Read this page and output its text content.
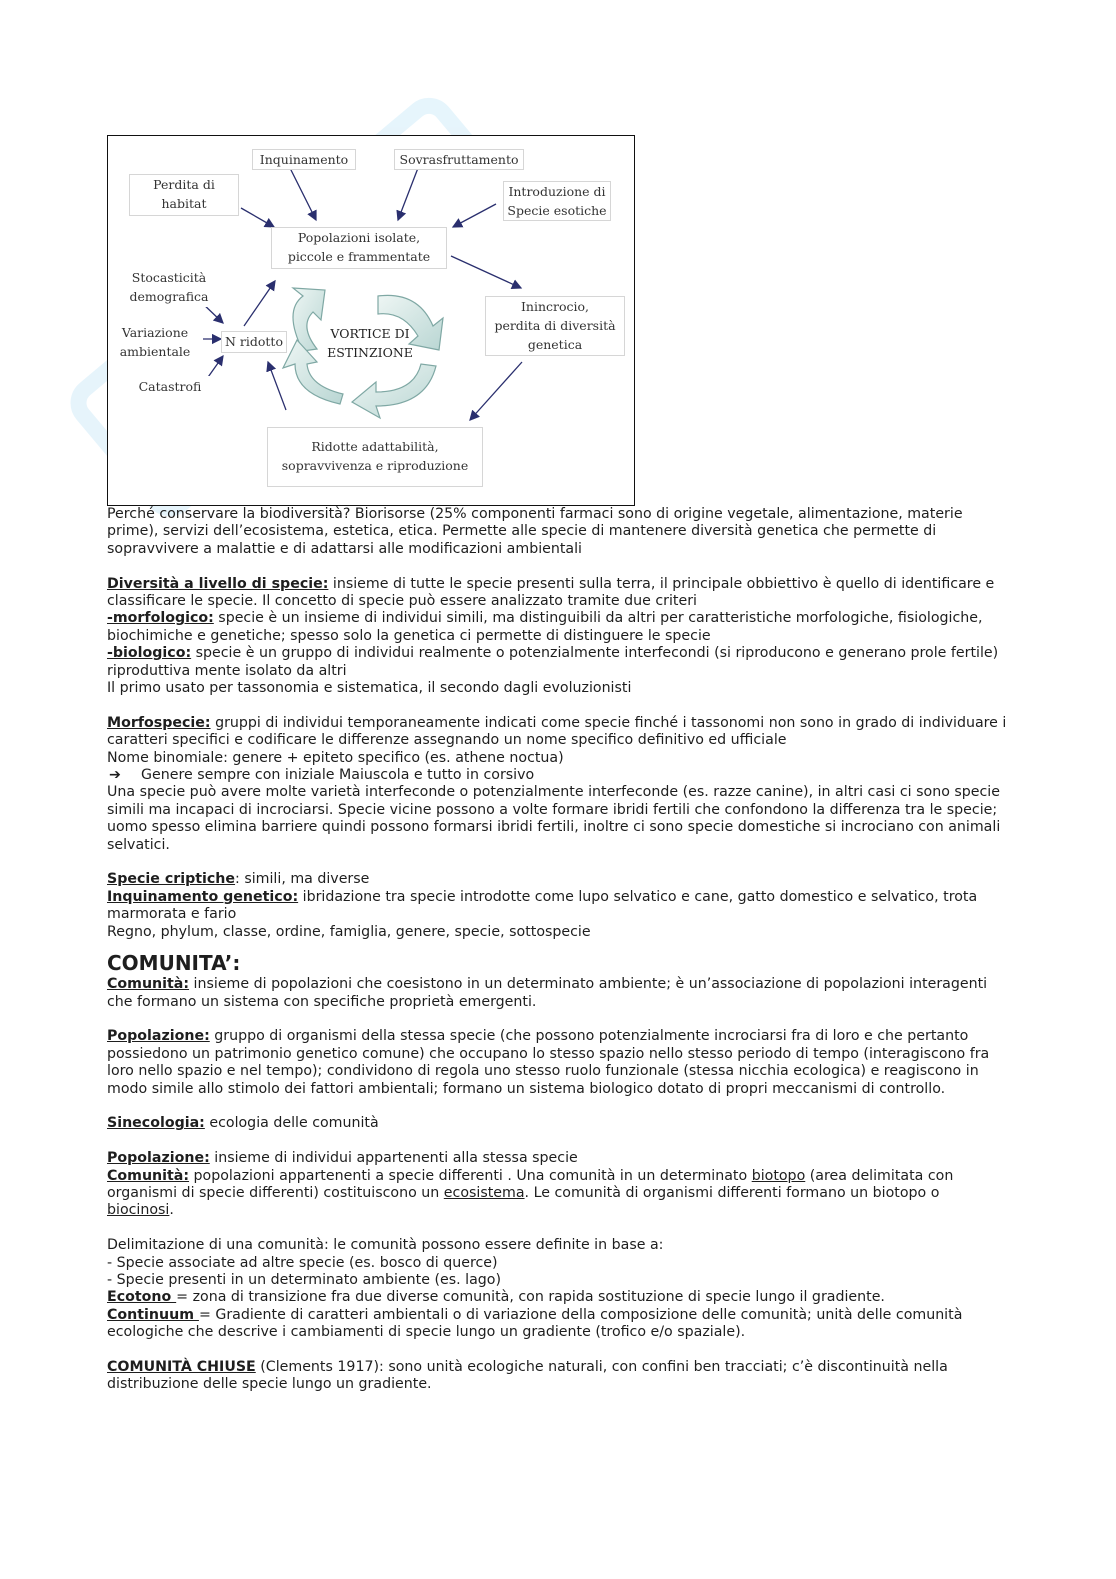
Inquinamento	Sovrasfruttamento
Perdita di
habitat
Introduzione di
Specie esotiche
Popolazioni isolate,
piccole e frammentate
Stocasticità
demografica
Variazione
ambientale
Catastrofi
N ridotto
Inincrocio,
perdita di diversità
genetica
Ridotte adattabilità,
sopravvivenza e riproduzione
VORTICE DI
ESTINZIONE

Perché conservare la biodiversità? Biorisorse (25% componenti farmaci sono di origine vegetale, alimentazione, materie prime), servizi dell’ecosistema, estetica, etica. Permette alle specie di mantenere diversità genetica che permette di sopravvivere a malattie e di adattarsi alle modificazioni ambientali

Diversità a livello di specie: insieme di tutte le specie presenti sulla terra, il principale obbiettivo è quello di identificare e classificare le specie. Il concetto di specie può essere analizzato tramite due criteri

-morfologico: specie è un insieme di individui simili, ma distinguibili da altri per caratteristiche morfologiche, fisiologiche, biochimiche e genetiche; spesso solo la genetica ci permette di distinguere le specie

-biologico: specie è un gruppo di individui realmente o potenzialmente interfecondi (si riproducono e generano prole fertile) riproduttiva mente isolato da altri

Il primo usato per tassonomia e sistematica, il secondo dagli evoluzionisti

Morfospecie: gruppi di individui temporaneamente indicati come specie finché i tassonomi non sono in grado di individuare i caratteri specifici e codificare le differenze assegnando un nome specifico definitivo ed ufficiale

Nome binomiale: genere + epiteto specifico (es. athene noctua)

➔ Genere sempre con iniziale Maiuscola e tutto in corsivo

Una specie può avere molte varietà interfeconde o potenzialmente interfeconde (es. razze canine), in altri casi ci sono specie simili ma incapaci di incrociarsi. Specie vicine possono a volte formare ibridi fertili che confondono la differenza tra le specie; uomo spesso elimina barriere quindi possono formarsi ibridi fertili, inoltre ci sono specie domestiche si incrociano con animali selvatici.

Specie criptiche: simili, ma diverse

Inquinamento genetico: ibridazione tra specie introdotte come lupo selvatico e cane, gatto domestico e selvatico, trota marmorata e fario

Regno, phylum, classe, ordine, famiglia, genere, specie, sottospecie

COMUNITA’:

Comunità: insieme di popolazioni che coesistono in un determinato ambiente; è un’associazione di popolazioni interagenti che formano un sistema con specifiche proprietà emergenti.

Popolazione: gruppo di organismi della stessa specie (che possono potenzialmente incrociarsi fra di loro e che pertanto possiedono un patrimonio genetico comune) che occupano lo stesso spazio nello stesso periodo di tempo (interagiscono fra loro nello spazio e nel tempo); condividono di regola uno stesso ruolo funzionale (stessa nicchia ecologica) e reagiscono in modo simile allo stimolo dei fattori ambientali; formano un sistema biologico dotato di propri meccanismi di controllo.

Sinecologia: ecologia delle comunità

Popolazione: insieme di individui appartenenti alla stessa specie

Comunità: popolazioni appartenenti a specie differenti . Una comunità in un determinato biotopo (area delimitata con organismi di specie differenti) costituiscono un ecosistema. Le comunità di organismi differenti formano un biotopo o biocinosi.

Delimitazione di una comunità: le comunità possono essere definite in base a:

- Specie associate ad altre specie (es. bosco di querce)

- Specie presenti in un determinato ambiente (es. lago)

Ecotono = zona di transizione fra due diverse comunità, con rapida sostituzione di specie lungo il gradiente.

Continuum = Gradiente di caratteri ambientali o di variazione della composizione delle comunità; unità delle comunità ecologiche che descrive i cambiamenti di specie lungo un gradiente (trofico e/o spaziale).

COMUNITÀ CHIUSE (Clements 1917): sono unità ecologiche naturali, con confini ben tracciati; c’è discontinuità nella distribuzione delle specie lungo un gradiente.
